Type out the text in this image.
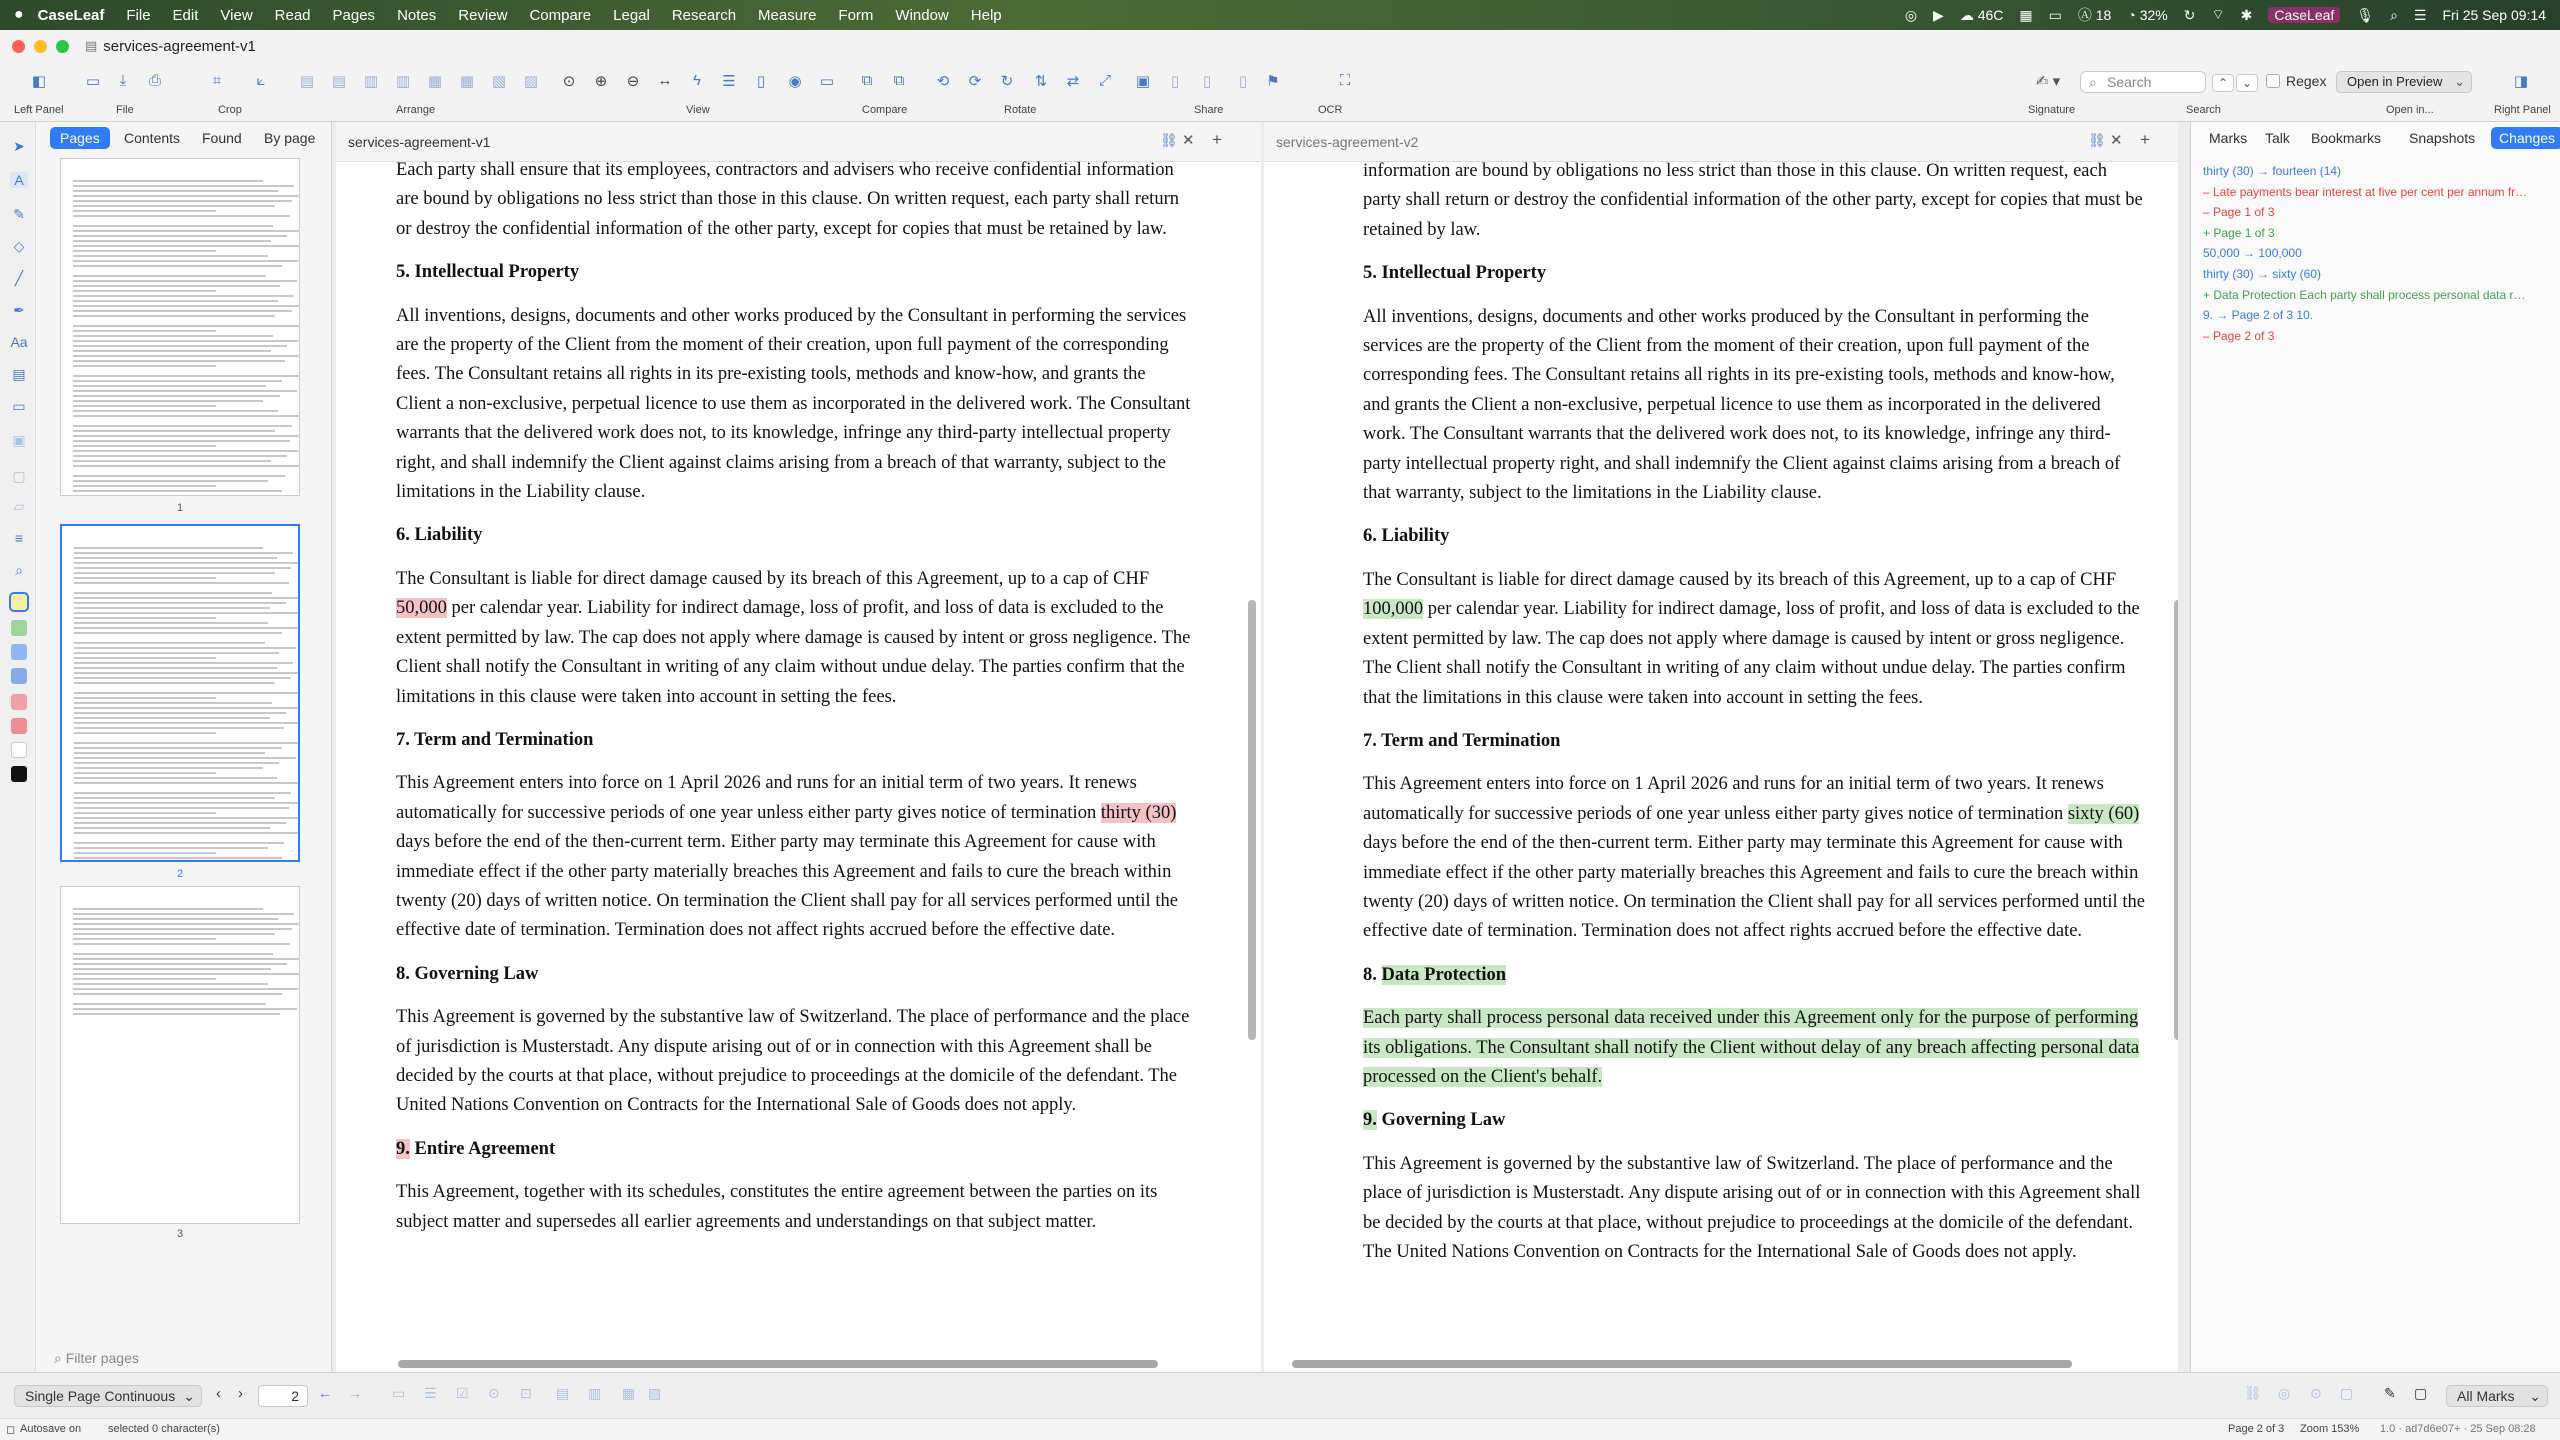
● CaseLeaf File Edit View Read Pages Notes Review Compare Legal Research Measure Form Window Help	◎ ▶ ☁ 46C ▦ ▭ Ⓐ 18 ◔ 32% ↻ ⌔ ✱	CaseLeaf	🎙 ⌕ ☰ Fri 25 Sep 09:14
▤ services-agreement-v1
◧
Left Panel
▭	⤓	⎙
File
⌗	⟀
Crop
▤ ▤ ▥ ▥ ▦ ▦ ▧ ▨
Arrange
⊙	⊕	⊖	↔	ϟ	☰	▯
View
◉ ▭	⧉	⧉
Compare
⟲	⟳	↻	⇅	⇄	⤢
Rotate
▣	▯	▯	▯	⚑
Share
⛶
OCR
✍ ▾
Signature
⌕ Search	⌃	⌄	Regex
Search
Open in Preview ⌄
Open in...
◨
Right Panel
➤
A
✎
◇
╱
✒
Aa
▤
▭
▣
▢
▱
≡
⌕
Pages	Contents	Found	By page
1
2
3
⌕ Filter pages
services-agreement-v1	⛓ ✕ +

Each party shall ensure that its employees, contractors and advisers who receive confidential information are bound by obligations no less strict than those in this clause. On written request, each party shall return or destroy the confidential information of the other party, except for copies that must be retained by law.

5. Intellectual Property

All inventions, designs, documents and other works produced by the Consultant in performing the services are the property of the Client from the moment of their creation, upon full payment of the corresponding fees. The Consultant retains all rights in its pre-existing tools, methods and know-how, and grants the Client a non-exclusive, perpetual licence to use them as incorporated in the delivered work. The Consultant warrants that the delivered work does not, to its knowledge, infringe any third-party intellectual property right, and shall indemnify the Client against claims arising from a breach of that warranty, subject to the limitations in the Liability clause.

6. Liability

The Consultant is liable for direct damage caused by its breach of this Agreement, up to a cap of CHF 50,000 per calendar year. Liability for indirect damage, loss of profit, and loss of data is excluded to the extent permitted by law. The cap does not apply where damage is caused by intent or gross negligence. The Client shall notify the Consultant in writing of any claim without undue delay. The parties confirm that the limitations in this clause were taken into account in setting the fees.

7. Term and Termination

This Agreement enters into force on 1 April 2026 and runs for an initial term of two years. It renews automatically for successive periods of one year unless either party gives notice of termination thirty (30) days before the end of the then-current term. Either party may terminate this Agreement for cause with immediate effect if the other party materially breaches this Agreement and fails to cure the breach within twenty (20) days of written notice. On termination the Client shall pay for all services performed until the effective date of termination. Termination does not affect rights accrued before the effective date.

8. Governing Law

This Agreement is governed by the substantive law of Switzerland. The place of performance and the place of jurisdiction is Musterstadt. Any dispute arising out of or in connection with this Agreement shall be decided by the courts at that place, without prejudice to proceedings at the domicile of the defendant. The United Nations Convention on Contracts for the International Sale of Goods does not apply.

9. Entire Agreement

This Agreement, together with its schedules, constitutes the entire agreement between the parties on its subject matter and supersedes all earlier agreements and understandings on that subject matter.

services-agreement-v2	⛓ ✕ +

information are bound by obligations no less strict than those in this clause. On written request, each party shall return or destroy the confidential information of the other party, except for copies that must be retained by law.

5. Intellectual Property

All inventions, designs, documents and other works produced by the Consultant in performing the services are the property of the Client from the moment of their creation, upon full payment of the corresponding fees. The Consultant retains all rights in its pre-existing tools, methods and know-how, and grants the Client a non-exclusive, perpetual licence to use them as incorporated in the delivered work. The Consultant warrants that the delivered work does not, to its knowledge, infringe any third-party intellectual property right, and shall indemnify the Client against claims arising from a breach of that warranty, subject to the limitations in the Liability clause.

6. Liability

The Consultant is liable for direct damage caused by its breach of this Agreement, up to a cap of CHF 100,000 per calendar year. Liability for indirect damage, loss of profit, and loss of data is excluded to the extent permitted by law. The cap does not apply where damage is caused by intent or gross negligence. The Client shall notify the Consultant in writing of any claim without undue delay. The parties confirm that the limitations in this clause were taken into account in setting the fees.

7. Term and Termination

This Agreement enters into force on 1 April 2026 and runs for an initial term of two years. It renews automatically for successive periods of one year unless either party gives notice of termination sixty (60) days before the end of the then-current term. Either party may terminate this Agreement for cause with immediate effect if the other party materially breaches this Agreement and fails to cure the breach within twenty (20) days of written notice. On termination the Client shall pay for all services performed until the effective date of termination. Termination does not affect rights accrued before the effective date.

8. Data Protection

Each party shall process personal data received under this Agreement only for the purpose of performing its obligations. The Consultant shall notify the Client without delay of any breach affecting personal data processed on the Client's behalf.

9. Governing Law

This Agreement is governed by the substantive law of Switzerland. The place of performance and the place of jurisdiction is Musterstadt. Any dispute arising out of or in connection with this Agreement shall be decided by the courts at that place, without prejudice to proceedings at the domicile of the defendant. The United Nations Convention on Contracts for the International Sale of Goods does not apply.

Marks	Talk	Bookmarks	Snapshots	Changes
thirty (30) → fourteen (14)
– Late payments bear interest at five per cent per annum fr…
– Page 1 of 3
+ Page 1 of 3
50,000 → 100,000
thirty (30) → sixty (60)
+ Data Protection Each party shall process personal data r…
9. → Page 2 of 3 10.
– Page 2 of 3
Single Page Continuous ⌄ ‹ ›	2	← → ▭ ☰ ☑ ⊙ ⊡ ▤ ▥ ▦ ▧	⛓ ◎ ⊙ ▢ ✎ ▢	All Marks ⌄
◻ Autosave on selected 0 character(s)	Page 2 of 3 Zoom 153% 1.0 · ad7d6e07+ · 25 Sep 08:28
